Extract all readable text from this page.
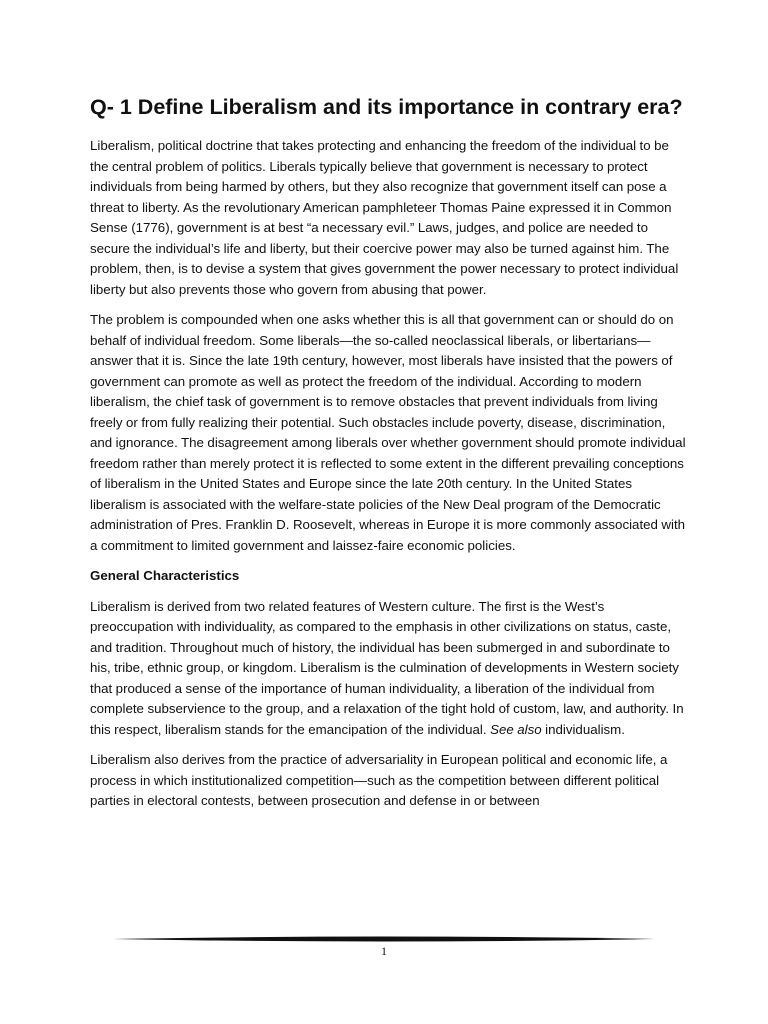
Q- 1 Define Liberalism and its importance in contrary era?

Liberalism, political doctrine that takes protecting and enhancing the freedom of the individual to be the central problem of politics. Liberals typically believe that government is necessary to protect individuals from being harmed by others, but they also recognize that government itself can pose a threat to liberty. As the revolutionary American pamphleteer Thomas Paine expressed it in Common Sense (1776), government is at best “a necessary evil.” Laws, judges, and police are needed to secure the individual’s life and liberty, but their coercive power may also be turned against him. The problem, then, is to devise a system that gives government the power necessary to protect individual liberty but also prevents those who govern from abusing that power.

The problem is compounded when one asks whether this is all that government can or should do on behalf of individual freedom. Some liberals—the so-called neoclassical liberals, or libertarians—answer that it is. Since the late 19th century, however, most liberals have insisted that the powers of government can promote as well as protect the freedom of the individual. According to modern liberalism, the chief task of government is to remove obstacles that prevent individuals from living freely or from fully realizing their potential. Such obstacles include poverty, disease, discrimination, and ignorance. The disagreement among liberals over whether government should promote individual freedom rather than merely protect it is reflected to some extent in the different prevailing conceptions of liberalism in the United States and Europe since the late 20th century. In the United States liberalism is associated with the welfare-state policies of the New Deal program of the Democratic administration of Pres. Franklin D. Roosevelt, whereas in Europe it is more commonly associated with a commitment to limited government and laissez-faire economic policies.

General Characteristics

Liberalism is derived from two related features of Western culture. The first is the West’s preoccupation with individuality, as compared to the emphasis in other civilizations on status, caste, and tradition. Throughout much of history, the individual has been submerged in and subordinate to his, tribe, ethnic group, or kingdom. Liberalism is the culmination of developments in Western society that produced a sense of the importance of human individuality, a liberation of the individual from complete subservience to the group, and a relaxation of the tight hold of custom, law, and authority. In this respect, liberalism stands for the emancipation of the individual. See also individualism.

Liberalism also derives from the practice of adversariality in European political and economic life, a process in which institutionalized competition—such as the competition between different political parties in electoral contests, between prosecution and defense in or between

1
